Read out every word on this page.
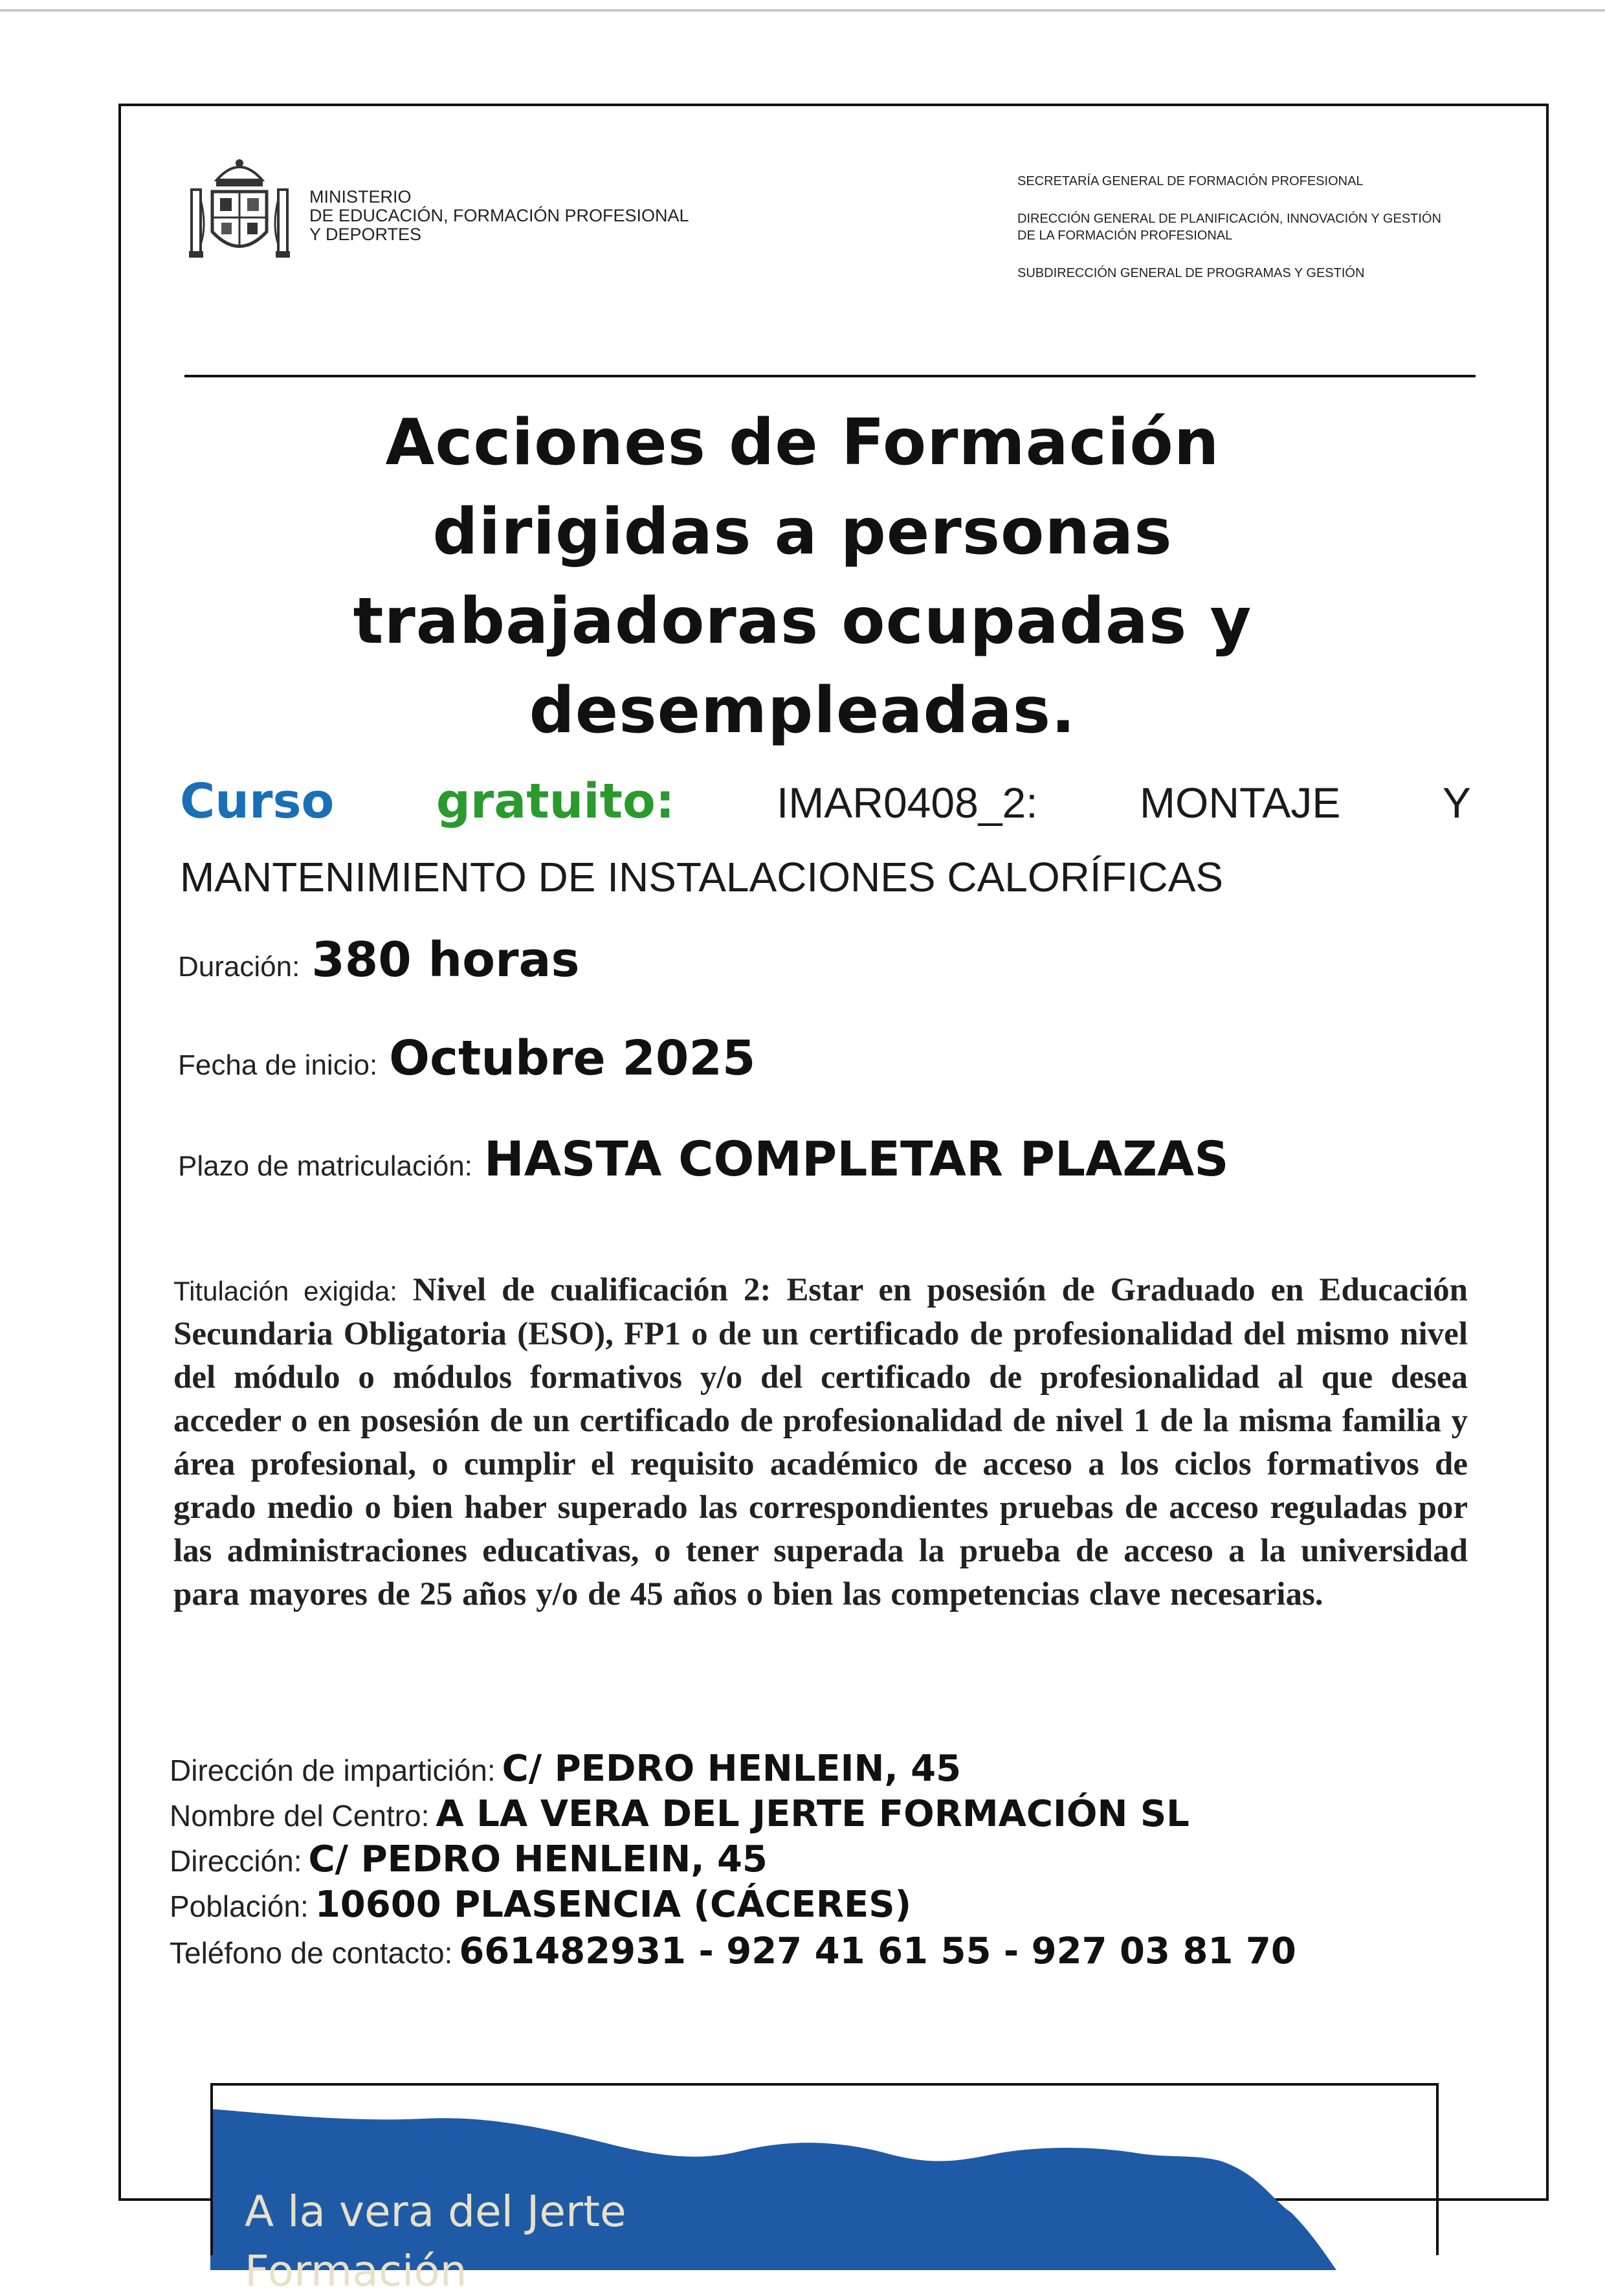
MINISTERIO
DE EDUCACIÓN, FORMACIÓN PROFESIONAL
Y DEPORTES

SECRETARÍA GENERAL DE FORMACIÓN PROFESIONAL

DIRECCIÓN GENERAL DE PLANIFICACIÓN, INNOVACIÓN Y GESTIÓN

DE LA FORMACIÓN PROFESIONAL

SUBDIRECCIÓN GENERAL DE PROGRAMAS Y GESTIÓN

Acciones de Formación
dirigidas a personas
trabajadoras ocupadas y
desempleadas.
Curso gratuito: IMAR0408_2: MONTAJE Y
MANTENIMIENTO DE INSTALACIONES CALORÍFICAS
Duración: 380 horas
Fecha de inicio: Octubre 2025
Plazo de matriculación: HASTA COMPLETAR PLAZAS
Titulación exigida: Nivel de cualificación 2: Estar en posesión de Graduado en Educación Secundaria Obligatoria (ESO), FP1 o de un certificado de profesionalidad del mismo nivel del módulo o módulos formativos y/o del certificado de profesionalidad al que desea acceder o en posesión de un certificado de profesionalidad de nivel 1 de la misma familia y área profesional, o cumplir el requisito académico de acceso a los ciclos formativos de grado medio o bien haber superado las correspondientes pruebas de acceso reguladas por las administraciones educativas, o tener superada la prueba de acceso a la universidad para mayores de 25 años y/o de 45 años o bien las competencias clave necesarias.
Dirección de impartición: C/ PEDRO HENLEIN, 45
Nombre del Centro: A LA VERA DEL JERTE FORMACIÓN SL
Dirección: C/ PEDRO HENLEIN, 45
Población: 10600 PLASENCIA (CÁCERES)
Teléfono de contacto: 661482931 - 927 41 61 55 - 927 03 81 70
A la vera del Jerte
Formación
